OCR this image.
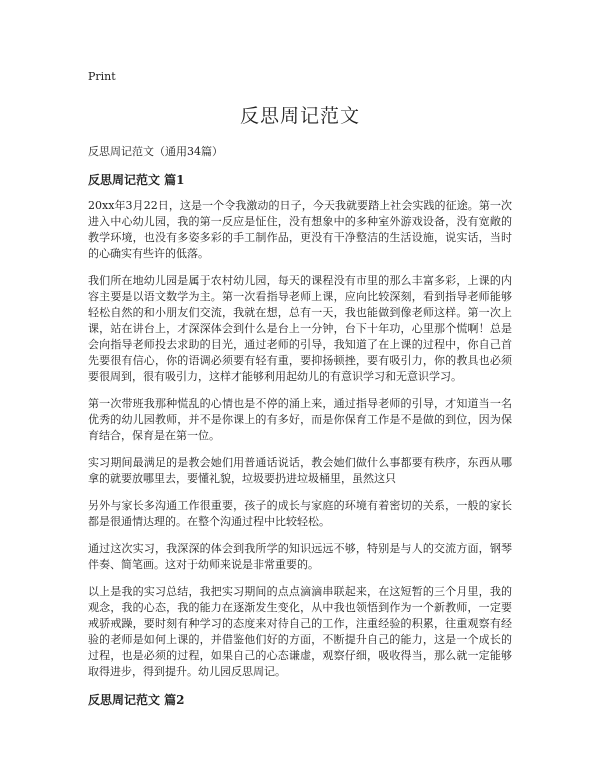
Print
反思周记范文
反思周记范文（通用34篇）
反思周记范文 篇1

20xx年3月22日，这是一个令我激动的日子，今天我就要踏上社会实践的征途。第一次进入中心幼儿园，我的第一反应是怔住，没有想象中的多种室外游戏设备，没有宽敞的教学环境，也没有多姿多彩的手工制作品，更没有干净整洁的生活设施，说实话，当时的心确实有些许的低落。

我们所在地幼儿园是属于农村幼儿园，每天的课程没有市里的那么丰富多彩，上课的内容主要是以语文数学为主。第一次看指导老师上课，应向比较深刻，看到指导老师能够轻松自然的和小朋友们交流，我就在想，总有一天，我也能做到像老师这样。第一次上课，站在讲台上，才深深体会到什么是台上一分钟，台下十年功，心里那个慌啊！总是会向指导老师投去求助的目光，通过老师的引导，我知道了在上课的过程中，你自己首先要很有信心，你的语调必须要有轻有重，要抑扬顿挫，要有吸引力，你的教具也必须要很周到，很有吸引力，这样才能够利用起幼儿的有意识学习和无意识学习。

第一次带班我那种慌乱的心情也是不停的涌上来，通过指导老师的引导，才知道当一名优秀的幼儿园教师，并不是你课上的有多好，而是你保育工作是不是做的到位，因为保育结合，保育是在第一位。

实习期间最满足的是教会她们用普通话说话，教会她们做什么事都要有秩序，东西从哪拿的就要放哪里去，要懂礼貌，垃圾要扔进垃圾桶里，虽然这只

另外与家长多沟通工作很重要，孩子的成长与家庭的环境有着密切的关系，一般的家长都是很通情达理的。在整个沟通过程中比较轻松。

通过这次实习，我深深的体会到我所学的知识远远不够，特别是与人的交流方面，钢琴伴奏、简笔画。这对于幼师来说是非常重要的。

以上是我的实习总结，我把实习期间的点点滴滴串联起来，在这短暂的三个月里，我的观念，我的心态，我的能力在逐渐发生变化，从中我也领悟到作为一个新教师，一定要戒骄戒躁，要时刻有种学习的态度来对待自己的工作，注重经验的积累，往重观察有经验的老师是如何上课的，并借鉴他们好的方面，不断提升自己的能力，这是一个成长的过程，也是必须的过程，如果自己的心态谦虚，观察仔细，吸收得当，那么就一定能够取得进步，得到提升。幼儿园反思周记。

反思周记范文 篇2
